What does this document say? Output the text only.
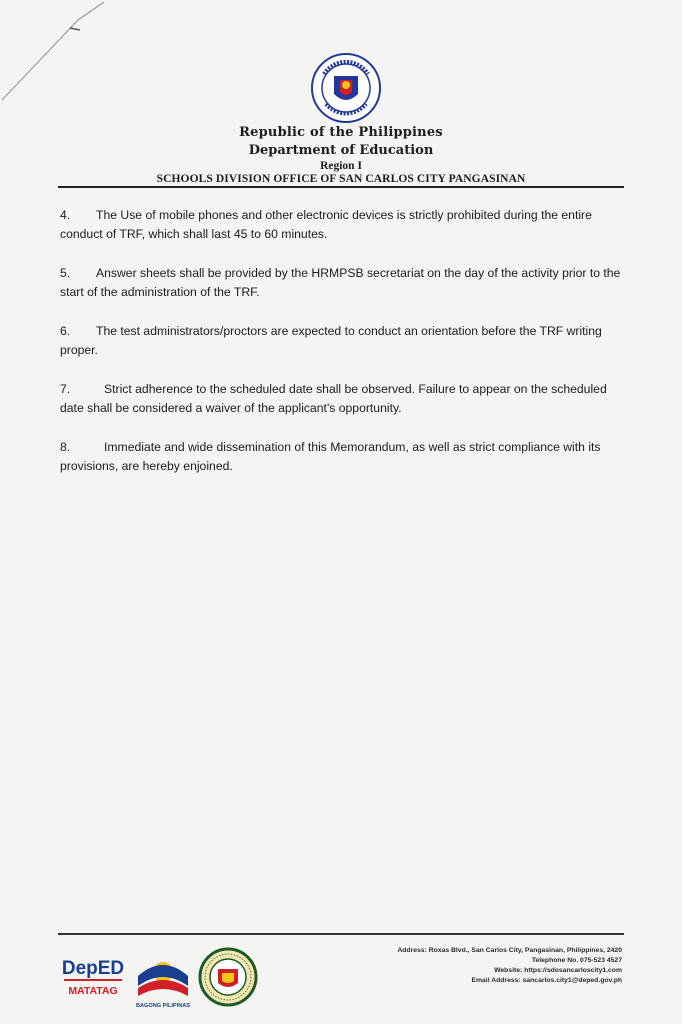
Republic of the Philippines
Department of Education
Region I
SCHOOLS DIVISION OFFICE OF SAN CARLOS CITY PANGASINAN

4. The Use of mobile phones and other electronic devices is strictly prohibited during the entire conduct of TRF, which shall last 45 to 60 minutes.

5. Answer sheets shall be provided by the HRMPSB secretariat on the day of the activity prior to the start of the administration of the TRF.

6. The test administrators/proctors are expected to conduct an orientation before the TRF writing proper.

7.	Strict adherence to the scheduled date shall be observed. Failure to appear on the scheduled date shall be considered a waiver of the applicant's opportunity.

8.	Immediate and wide dissemination of this Memorandum, as well as strict compliance with its provisions, are hereby enjoined.

DepED
MATATAG
BAGONG PILIPINAS
Address: Roxas Blvd., San Carlos City, Pangasinan, Philippines, 2420
Telephone No. 075-523 4527
Website: https://sdosancarloscity1.com
Email Address: sancarlos.city1@deped.gov.ph
